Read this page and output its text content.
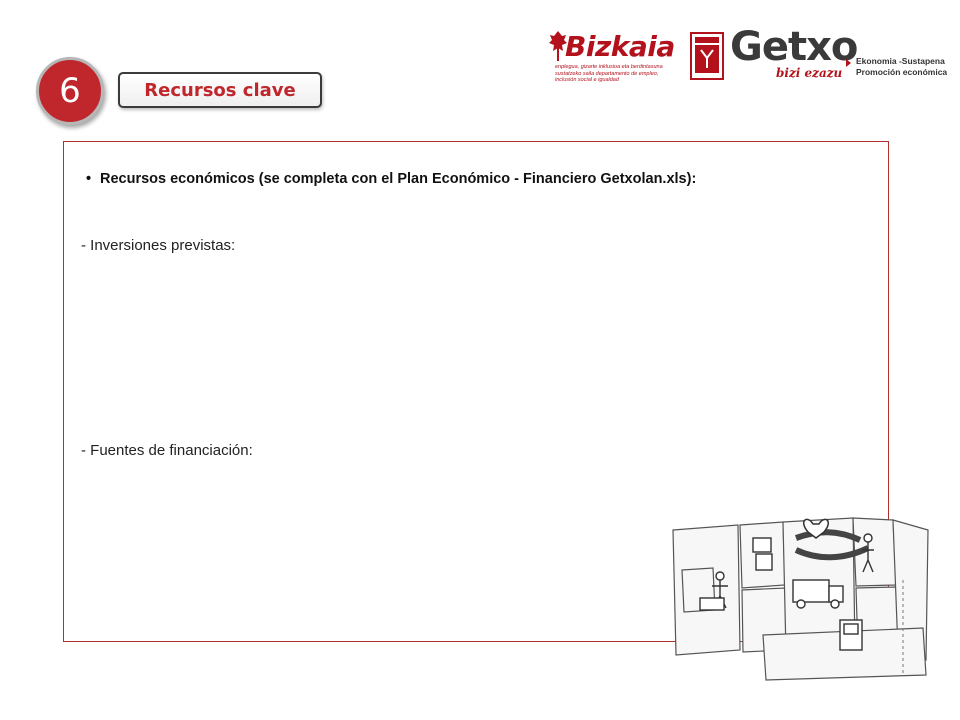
6	Recursos clave
Bizkaia
enplegua, gizarte inklusioa eta berdintasuna sustatzeko saila departamento de empleo, inclusión social e igualdad
Getxo
bizi ezazu
Ekonomia -Sustapena
Promoción económica
• Recursos económicos (se completa con el Plan Económico - Financiero Getxolan.xls):
- Inversiones previstas:
- Fuentes de financiación:
